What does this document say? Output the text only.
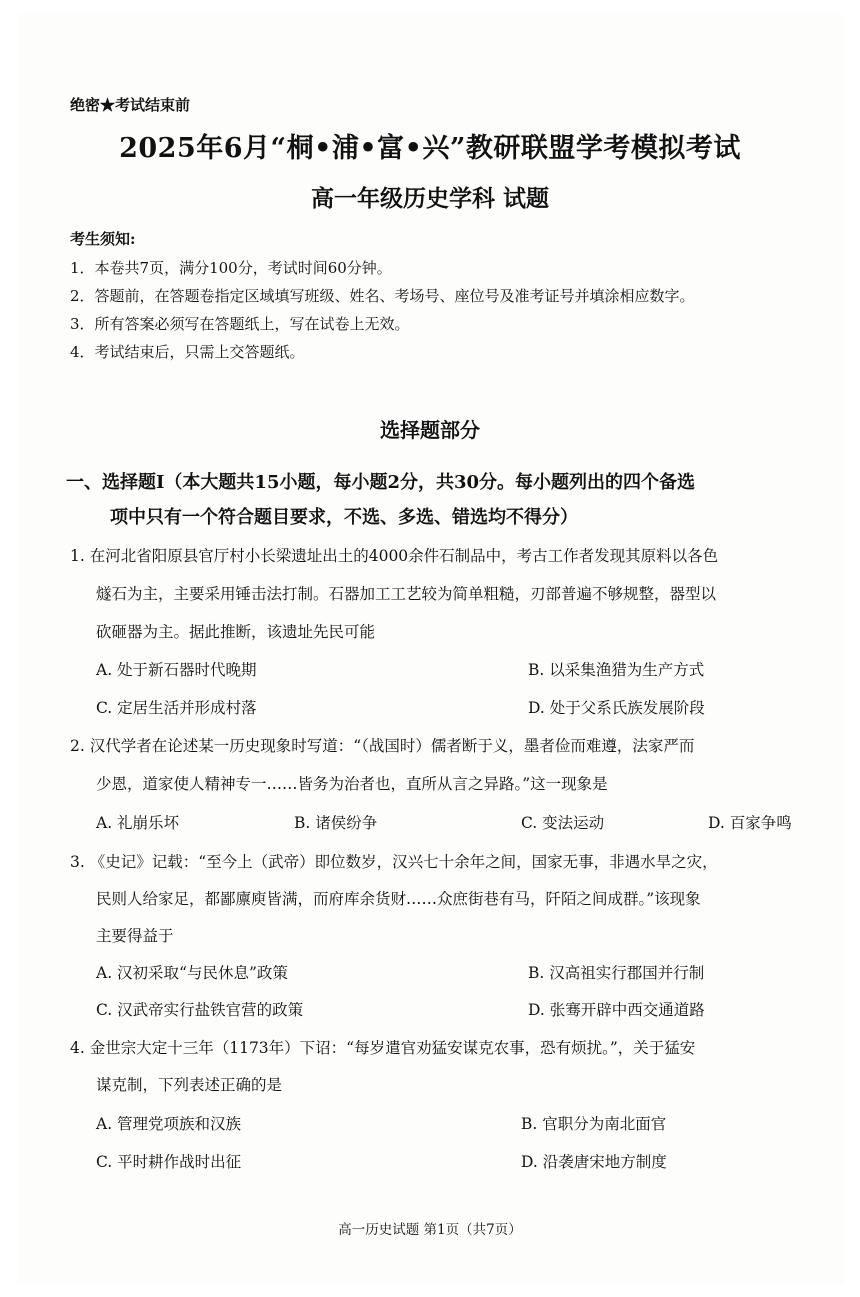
绝密★考试结束前
2025年6月“桐•浦•富•兴”教研联盟学考模拟考试
高一年级历史学科 试题
考生须知:
1．本卷共7页，满分100分，考试时间60分钟。
2．答题前，在答题卷指定区域填写班级、姓名、考场号、座位号及准考证号并填涂相应数字。
3．所有答案必须写在答题纸上，写在试卷上无效。
4．考试结束后，只需上交答题纸。
选择题部分
一、选择题Ⅰ（本大题共15小题，每小题2分，共30分。每小题列出的四个备选
项中只有一个符合题目要求，不选、多选、错选均不得分）
1. 在河北省阳原县官厅村小长梁遗址出土的4000余件石制品中，考古工作者发现其原料以各色
燧石为主，主要采用锤击法打制。石器加工工艺较为简单粗糙，刃部普遍不够规整，器型以
砍砸器为主。据此推断，该遗址先民可能
A. 处于新石器时代晚期	B. 以采集渔猎为生产方式
C. 定居生活并形成村落	D. 处于父系氏族发展阶段
2. 汉代学者在论述某一历史现象时写道：“（战国时）儒者断于义，墨者俭而难遵，法家严而
少恩，道家使人精神专一……皆务为治者也，直所从言之异路。”这一现象是
A. 礼崩乐坏	B. 诸侯纷争	C. 变法运动	D. 百家争鸣
3. 《史记》记载：“至今上（武帝）即位数岁，汉兴七十余年之间，国家无事，非遇水旱之灾，
民则人给家足，都鄙廪庾皆满，而府库余货财……众庶街巷有马，阡陌之间成群。”该现象
主要得益于
A. 汉初采取“与民休息”政策	B. 汉高祖实行郡国并行制
C. 汉武帝实行盐铁官营的政策	D. 张骞开辟中西交通道路
4. 金世宗大定十三年（1173年）下诏：“每岁遣官劝猛安谋克农事，恐有烦扰。”，关于猛安
谋克制，下列表述正确的是
A. 管理党项族和汉族	B. 官职分为南北面官
C. 平时耕作战时出征	D. 沿袭唐宋地方制度
高一历史试题 第1页（共7页）
